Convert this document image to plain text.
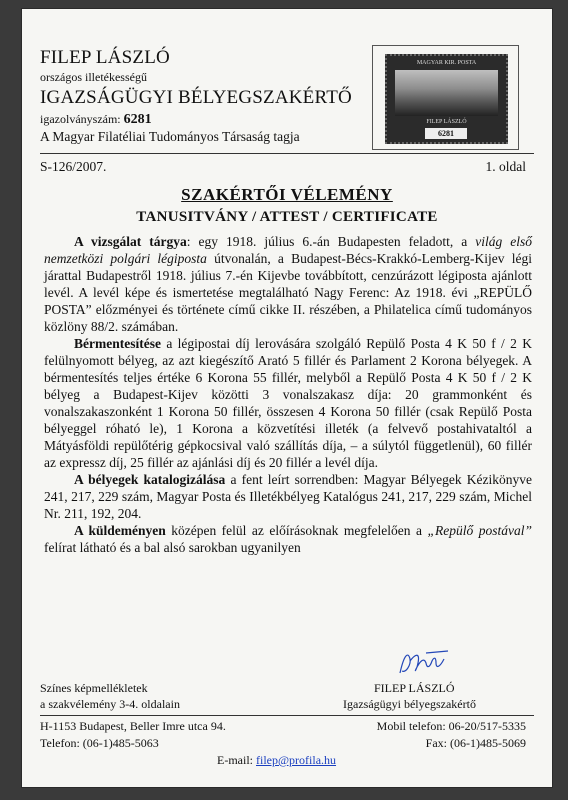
FILEP LÁSZLÓ
országos illetékességű
IGAZSÁGÜGYI BÉLYEGSZAKÉRTŐ
igazolványszám: 6281
A Magyar Filatéliai Tudományos Társaság tagja
MAGYAR KIR. POSTA
FILEP LÁSZLÓ
6281
S-126/2007.	1. oldal
SZAKÉRTŐI VÉLEMÉNY
TANUSITVÁNY / ATTEST / CERTIFICATE

A vizsgálat tárgya: egy 1918. július 6.-án Budapesten feladott, a világ első nemzetközi polgári légiposta útvonalán, a Budapest-Bécs-Krakkó-Lemberg-Kijev légi járattal Budapestről 1918. július 7.-én Kijevbe továbbított, cenzúrázott légiposta ajánlott levél. A levél képe és ismertetése megtalálható Nagy Ferenc: Az 1918. évi „REPÜLŐ POSTA” előzményei és története című cikke II. részében, a Philatelica című tudományos közlöny 88/2. számában.

Bérmentesítése a légipostai díj lerovására szolgáló Repülő Posta 4 K 50 f / 2 K felülnyomott bélyeg, az azt kiegészítő Arató 5 fillér és Parlament 2 Korona bélyegek. A bérmentesítés teljes értéke 6 Korona 55 fillér, melyből a Repülő Posta 4 K 50 f / 2 K bélyeg a Budapest-Kijev közötti 3 vonalszakasz díja: 20 grammonként és vonalszakaszonként 1 Korona 50 fillér, összesen 4 Korona 50 fillér (csak Repülő Posta bélyeggel róható le), 1 Korona a közvetítési illeték (a felvevő postahivataltól a Mátyásföldi repülőtérig gépkocsival való szállítás díja, – a súlytól függetlenül), 60 fillér az expressz díj, 25 fillér az ajánlási díj és 20 fillér a levél díja.

A bélyegek katalogizálása a fent leírt sorrendben: Magyar Bélyegek Kézikönyve 241, 217, 229 szám, Magyar Posta és Illetékbélyeg Katalógus 241, 217, 229 szám, Michel Nr. 211, 192, 204.

A küldeményen középen felül az előírásoknak megfelelően a „Repülő postával” felírat látható és a bal alsó sarokban ugyanilyen

Színes képmellékletek
a szakvélemény 3-4. oldalain
FILEP LÁSZLÓ
Igazságügyi bélyegszakértő
H-1153 Budapest, Beller Imre utca 94.	Mobil telefon: 06-20/517-5335
Telefon: (06-1)485-5063	Fax: (06-1)485-5069
E-mail: filep@profila.hu
